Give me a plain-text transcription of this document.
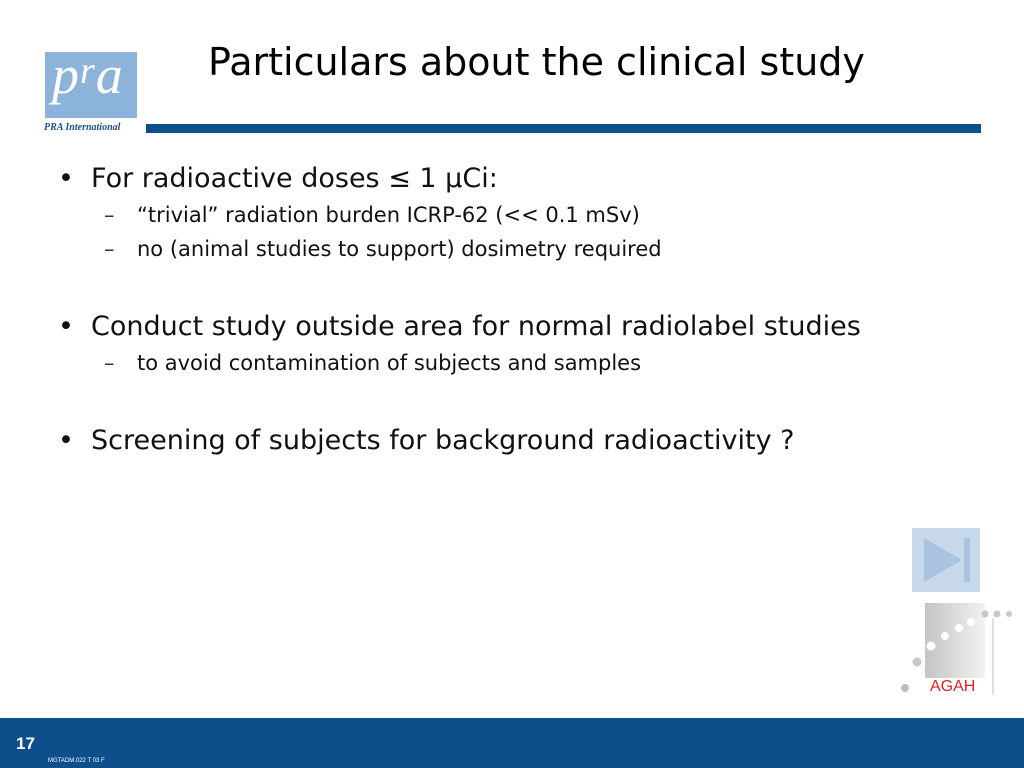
$p^ra$
PRA International
Particulars about the clinical study
• For radioactive doses ≤ 1 µCi:
– “trivial” radiation burden ICRP-62 (<< 0.1 mSv)
– no (animal studies to support) dosimetry required
• Conduct study outside area for normal radiolabel studies
– to avoid contamination of subjects and samples
• Screening of subjects for background radioactivity ?
AGAH
17
MGTADM.022 T 03 F
